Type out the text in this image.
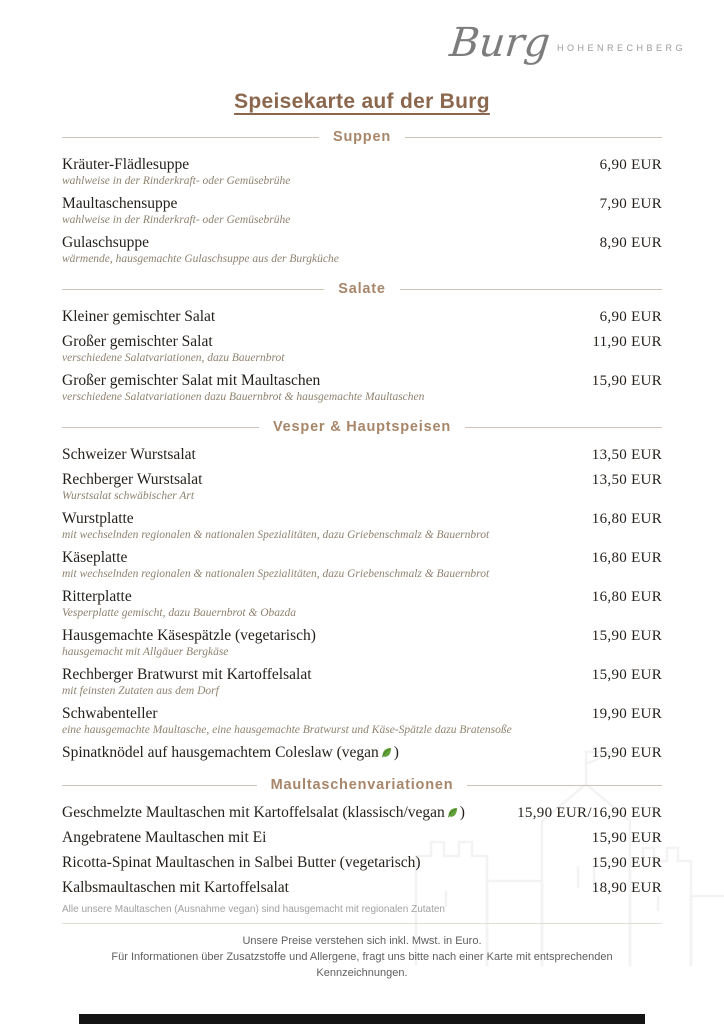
Burg HOHENRECHBERG
Speisekarte auf der Burg
Suppen
Kräuter-Flädlesuppe	6,90 EUR
wahlweise in der Rinderkraft- oder Gemüsebrühe
Maultaschensuppe	7,90 EUR
wahlweise in der Rinderkraft- oder Gemüsebrühe
Gulaschsuppe	8,90 EUR
wärmende, hausgemachte Gulaschsuppe aus der Burgküche
Salate
Kleiner gemischter Salat	6,90 EUR
Großer gemischter Salat	11,90 EUR
verschiedene Salatvariationen, dazu Bauernbrot
Großer gemischter Salat mit Maultaschen	15,90 EUR
verschiedene Salatvariationen dazu Bauernbrot & hausgemachte Maultaschen
Vesper & Hauptspeisen
Schweizer Wurstsalat	13,50 EUR
Rechberger Wurstsalat	13,50 EUR
Wurstsalat schwäbischer Art
Wurstplatte	16,80 EUR
mit wechselnden regionalen & nationalen Spezialitäten, dazu Griebenschmalz & Bauernbrot
Käseplatte	16,80 EUR
mit wechselnden regionalen & nationalen Spezialitäten, dazu Griebenschmalz & Bauernbrot
Ritterplatte	16,80 EUR
Vesperplatte gemischt, dazu Bauernbrot & Obazda
Hausgemachte Käsespätzle (vegetarisch)	15,90 EUR
hausgemacht mit Allgäuer Bergkäse
Rechberger Bratwurst mit Kartoffelsalat	15,90 EUR
mit feinsten Zutaten aus dem Dorf
Schwabenteller	19,90 EUR
eine hausgemachte Maultasche, eine hausgemachte Bratwurst und Käse-Spätzle dazu Bratensoße
Spinatknödel auf hausgemachtem Coleslaw (vegan )	15,90 EUR
Maultaschenvariationen
Geschmelzte Maultaschen mit Kartoffelsalat (klassisch/vegan )	15,90 EUR/16,90 EUR
Angebratene Maultaschen mit Ei	15,90 EUR
Ricotta-Spinat Maultaschen in Salbei Butter (vegetarisch)	15,90 EUR
Kalbsmaultaschen mit Kartoffelsalat	18,90 EUR
Alle unsere Maultaschen (Ausnahme vegan) sind hausgemacht mit regionalen Zutaten
Unsere Preise verstehen sich inkl. Mwst. in Euro.
Für Informationen über Zusatzstoffe und Allergene, fragt uns bitte nach einer Karte mit entsprechenden
Kennzeichnungen.
